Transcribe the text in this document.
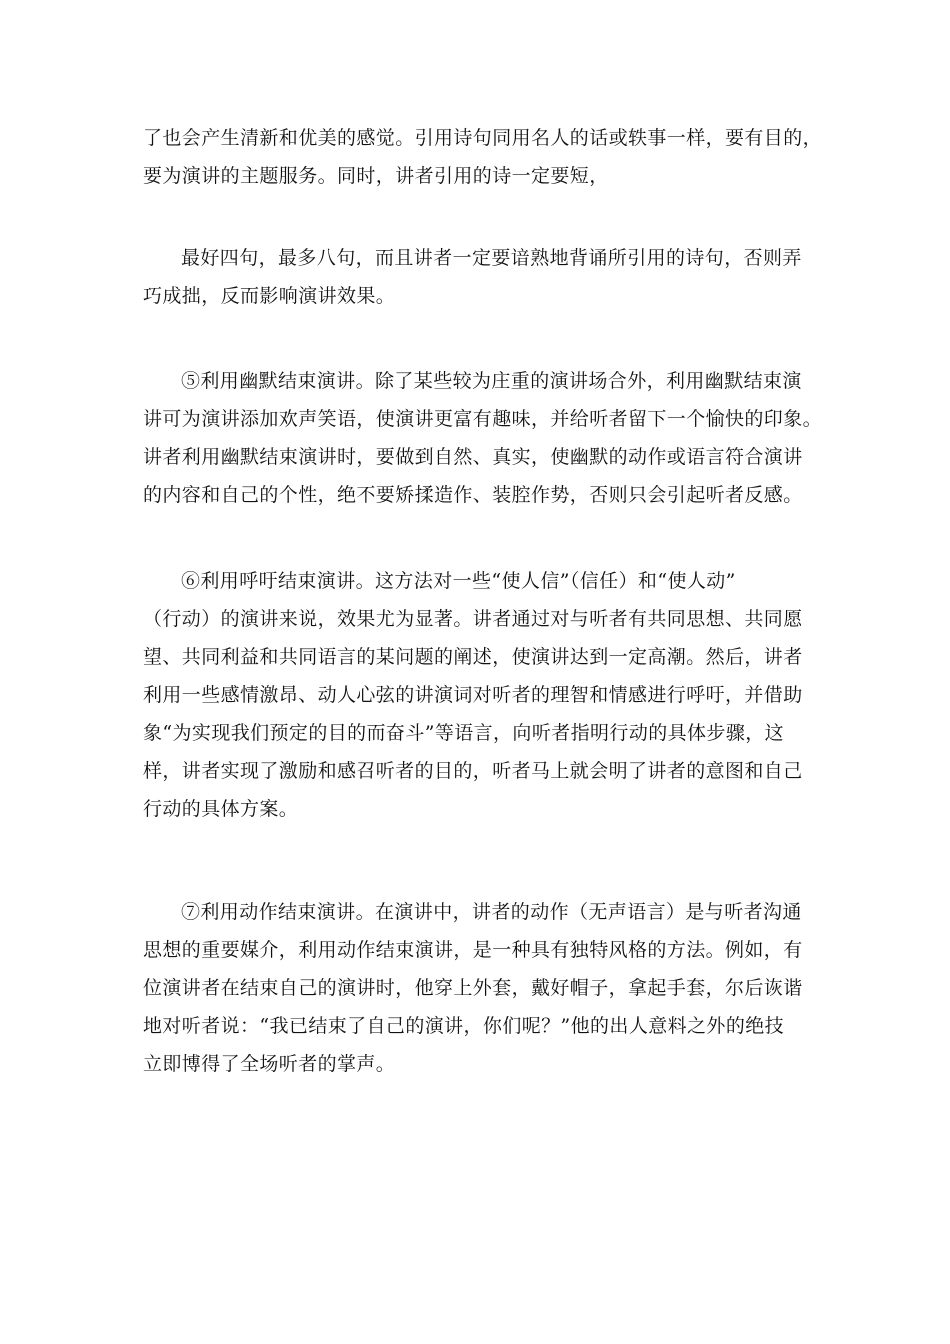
了也会产生清新和优美的感觉。引用诗句同用名人的话或轶事一样，要有目的，
要为演讲的主题服务。同时，讲者引用的诗一定要短，
最好四句，最多八句，而且讲者一定要谙熟地背诵所引用的诗句，否则弄
巧成拙，反而影响演讲效果。
⑤利用幽默结束演讲。除了某些较为庄重的演讲场合外，利用幽默结束演
讲可为演讲添加欢声笑语，使演讲更富有趣味，并给听者留下一个愉快的印象。
讲者利用幽默结束演讲时，要做到自然、真实，使幽默的动作或语言符合演讲
的内容和自己的个性，绝不要矫揉造作、装腔作势，否则只会引起听者反感。
⑥利用呼吁结束演讲。这方法对一些“使人信”（信任）和“使人动”
（行动）的演讲来说，效果尤为显著。讲者通过对与听者有共同思想、共同愿
望、共同利益和共同语言的某问题的阐述，使演讲达到一定高潮。然后，讲者
利用一些感情激昂、动人心弦的讲演词对听者的理智和情感进行呼吁，并借助
象“为实现我们预定的目的而奋斗”等语言，向听者指明行动的具体步骤，这
样，讲者实现了激励和感召听者的目的，听者马上就会明了讲者的意图和自己
行动的具体方案。
⑦利用动作结束演讲。在演讲中，讲者的动作（无声语言）是与听者沟通
思想的重要媒介，利用动作结束演讲，是一种具有独特风格的方法。例如，有
位演讲者在结束自己的演讲时，他穿上外套，戴好帽子，拿起手套，尔后诙谐
地对听者说：“我已结束了自己的演讲，你们呢？”他的出人意料之外的绝技
立即博得了全场听者的掌声。
